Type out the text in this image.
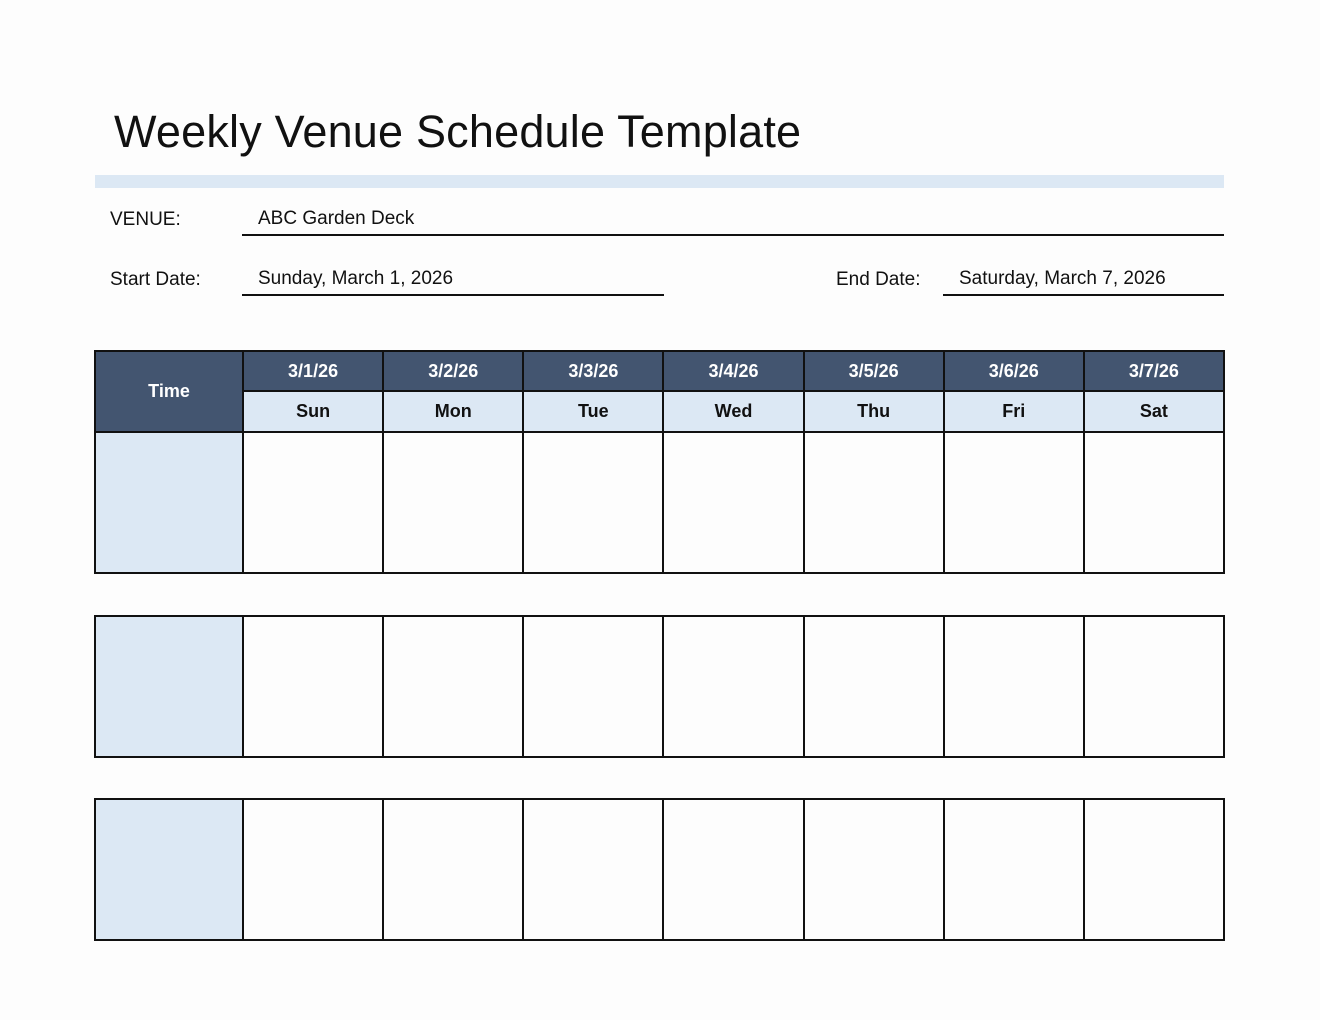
Weekly Venue Schedule Template
VENUE:	ABC Garden Deck
Start Date:	Sunday, March 1, 2026	End Date:	Saturday, March 7, 2026
Time	3/1/26	3/2/26	3/3/26	3/4/26	3/5/26	3/6/26	3/7/26
	Sun	Mon	Tue	Wed	Thu	Fri	Sat
